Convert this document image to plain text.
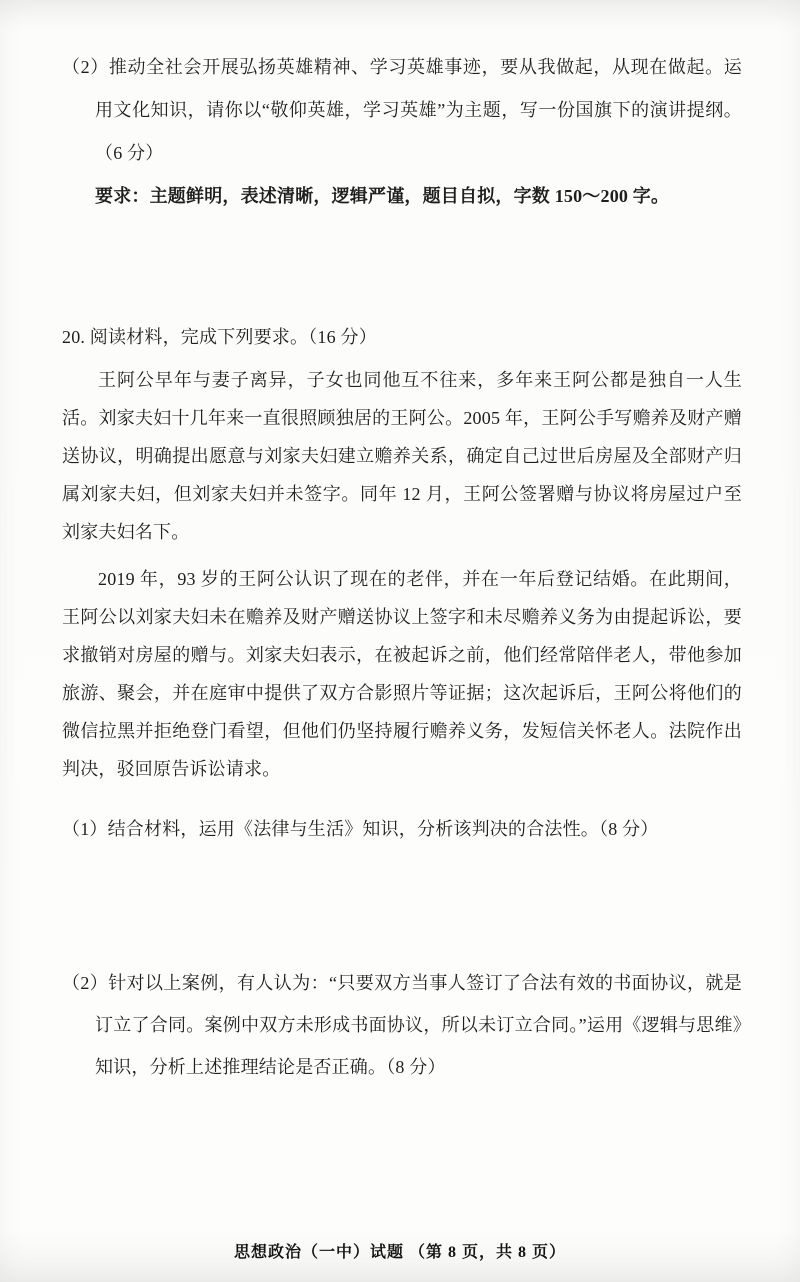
（2）推动全社会开展弘扬英雄精神、学习英雄事迹，要从我做起，从现在做起。运用文化知识，请你以“敬仰英雄，学习英雄”为主题，写一份国旗下的演讲提纲。（6 分）
要求：主题鲜明，表述清晰，逻辑严谨，题目自拟，字数 150～200 字。
20. 阅读材料，完成下列要求。（16 分）

王阿公早年与妻子离异，子女也同他互不往来，多年来王阿公都是独自一人生活。刘家夫妇十几年来一直很照顾独居的王阿公。2005 年，王阿公手写赡养及财产赠送协议，明确提出愿意与刘家夫妇建立赡养关系，确定自己过世后房屋及全部财产归属刘家夫妇，但刘家夫妇并未签字。同年 12 月，王阿公签署赠与协议将房屋过户至刘家夫妇名下。

2019 年，93 岁的王阿公认识了现在的老伴，并在一年后登记结婚。在此期间，王阿公以刘家夫妇未在赡养及财产赠送协议上签字和未尽赡养义务为由提起诉讼，要求撤销对房屋的赠与。刘家夫妇表示，在被起诉之前，他们经常陪伴老人，带他参加旅游、聚会，并在庭审中提供了双方合影照片等证据；这次起诉后，王阿公将他们的微信拉黑并拒绝登门看望，但他们仍坚持履行赡养义务，发短信关怀老人。法院作出判决，驳回原告诉讼请求。

（1）结合材料，运用《法律与生活》知识，分析该判决的合法性。（8 分）
（2）针对以上案例，有人认为：“只要双方当事人签订了合法有效的书面协议，就是订立了合同。案例中双方未形成书面协议，所以未订立合同。”运用《逻辑与思维》知识，分析上述推理结论是否正确。（8 分）
思想政治（一中）试题 （第 8 页，共 8 页）
